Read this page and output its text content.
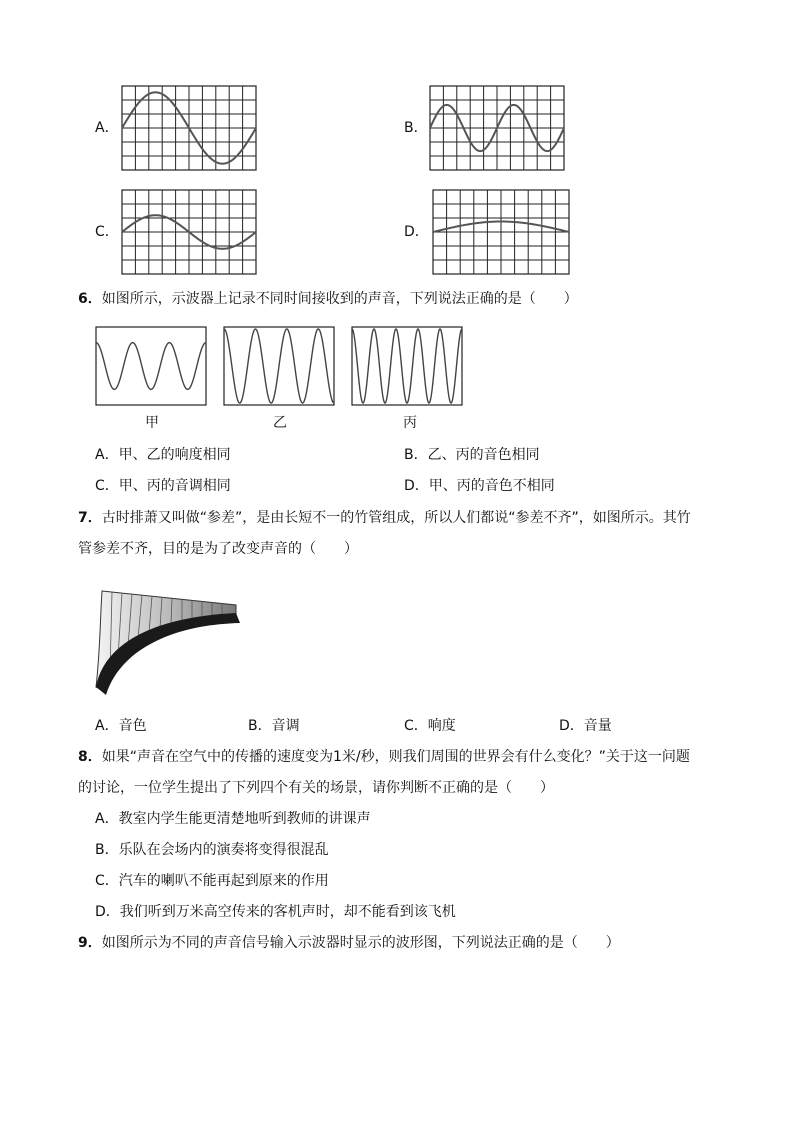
A．	B．
C．	D．
6．如图所示，示波器上记录不同时间接收到的声音，下列说法正确的是（　　）
甲	乙	丙
A．甲、乙的响度相同	B．乙、丙的音色相同
C．甲、丙的音调相同	D．甲、丙的音色不相同
7．古时排萧又叫做“参差”，是由长短不一的竹管组成，所以人们都说“参差不齐”，如图所示。其竹
管参差不齐，目的是为了改变声音的（　　）
A．音色	B．音调	C．响度	D．音量
8．如果“声音在空气中的传播的速度变为1米/秒，则我们周围的世界会有什么变化？”关于这一问题
的讨论，一位学生提出了下列四个有关的场景，请你判断不正确的是（　　）
A．教室内学生能更清楚地听到教师的讲课声
B．乐队在会场内的演奏将变得很混乱
C．汽车的喇叭不能再起到原来的作用
D．我们听到万米高空传来的客机声时，却不能看到该飞机
9．如图所示为不同的声音信号输入示波器时显示的波形图，下列说法正确的是（　　）
